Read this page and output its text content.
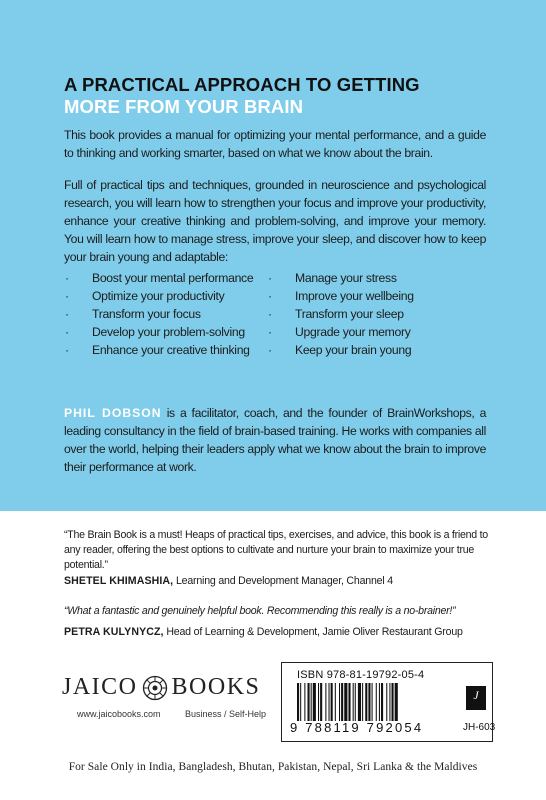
A PRACTICAL APPROACH TO GETTING
MORE FROM YOUR BRAIN
This book provides a manual for optimizing your mental performance, and a guide to thinking and working smarter, based on what we know about the brain.
Full of practical tips and techniques, grounded in neuroscience and psychological research, you will learn how to strengthen your focus and improve your productivity, enhance your creative thinking and problem-solving, and improve your memory. You will learn how to manage stress, improve your sleep, and discover how to keep your brain young and adaptable:
· Boost your mental performance
· Optimize your productivity
· Transform your focus
· Develop your problem-solving
· Enhance your creative thinking
· Manage your stress
· Improve your wellbeing
· Transform your sleep
· Upgrade your memory
· Keep your brain young
PHIL DOBSON is a facilitator, coach, and the founder of BrainWorkshops, a leading consultancy in the field of brain-based training. He works with companies all over the world, helping their leaders apply what we know about the brain to improve their performance at work.
“The Brain Book is a must! Heaps of practical tips, exercises, and advice, this book is a friend to any reader, offering the best options to cultivate and nurture your brain to maximize your true potential.”
SHETEL KHIMASHIA, Learning and Development Manager, Channel 4
“What a fantastic and genuinely helpful book. Recommending this really is a no-brainer!”
PETRA KULYNYCZ, Head of Learning & Development, Jamie Oliver Restaurant Group
JAICO BOOKS
www.jaicobooks.com	Business / Self-Help
ISBN 978-81-19792-05-4
9 788119 792054
J
JH-603
For Sale Only in India, Bangladesh, Bhutan, Pakistan, Nepal, Sri Lanka & the Maldives
